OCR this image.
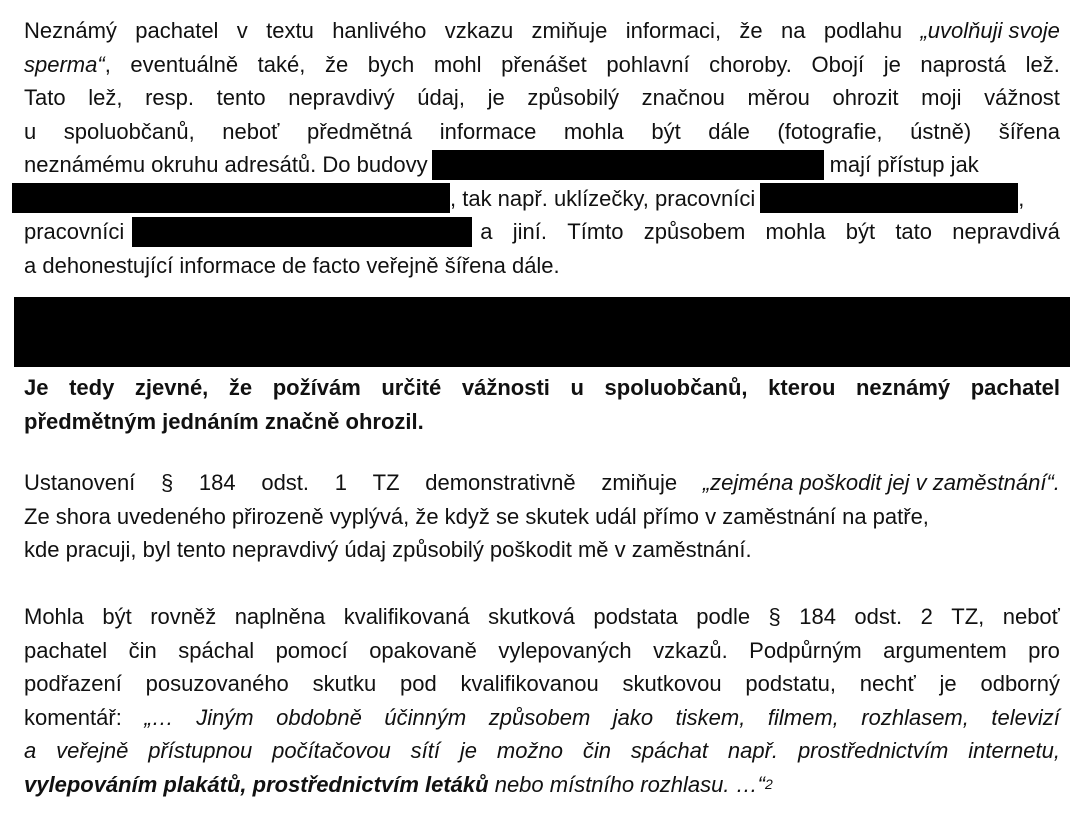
Neznámý pachatel v textu hanlivého vzkazu zmiňuje informaci, že na podlahu „uvolňuji svoje
sperma“, eventuálně také, že bych mohl přenášet pohlavní choroby. Obojí je naprostá lež.
Tato lež, resp. tento nepravdivý údaj, je způsobilý značnou měrou ohrozit moji vážnost
u spoluobčanů, neboť předmětná informace mohla být dále (fotografie, ústně) šířena
neznámému okruhu adresátů. Do budovy	mají přístup jak
, tak např. uklízečky, pracovníci	,
pracovníci	a jiní. Tímto způsobem mohla být tato nepravdivá
a dehonestující informace de facto veřejně šířena dále.
Je tedy zjevné, že požívám určité vážnosti u spoluobčanů, kterou neznámý pachatel
předmětným jednáním značně ohrozil.
Ustanovení § 184 odst. 1 TZ demonstrativně zmiňuje „zejména poškodit jej v zaměstnání“.
Ze shora uvedeného přirozeně vyplývá, že když se skutek udál přímo v zaměstnání na patře,
kde pracuji, byl tento nepravdivý údaj způsobilý poškodit mě v zaměstnání.
Mohla být rovněž naplněna kvalifikovaná skutková podstata podle § 184 odst. 2 TZ, neboť
pachatel čin spáchal pomocí opakovaně vylepovaných vzkazů. Podpůrným argumentem pro
podřazení posuzovaného skutku pod kvalifikovanou skutkovou podstatu, nechť je odborný
komentář: „… Jiným obdobně účinným způsobem jako tiskem, filmem, rozhlasem, televizí
a veřejně přístupnou počítačovou sítí je možno čin spáchat např. prostřednictvím internetu,
vylepováním plakátů, prostřednictvím letáků nebo místního rozhlasu. …“ 2
